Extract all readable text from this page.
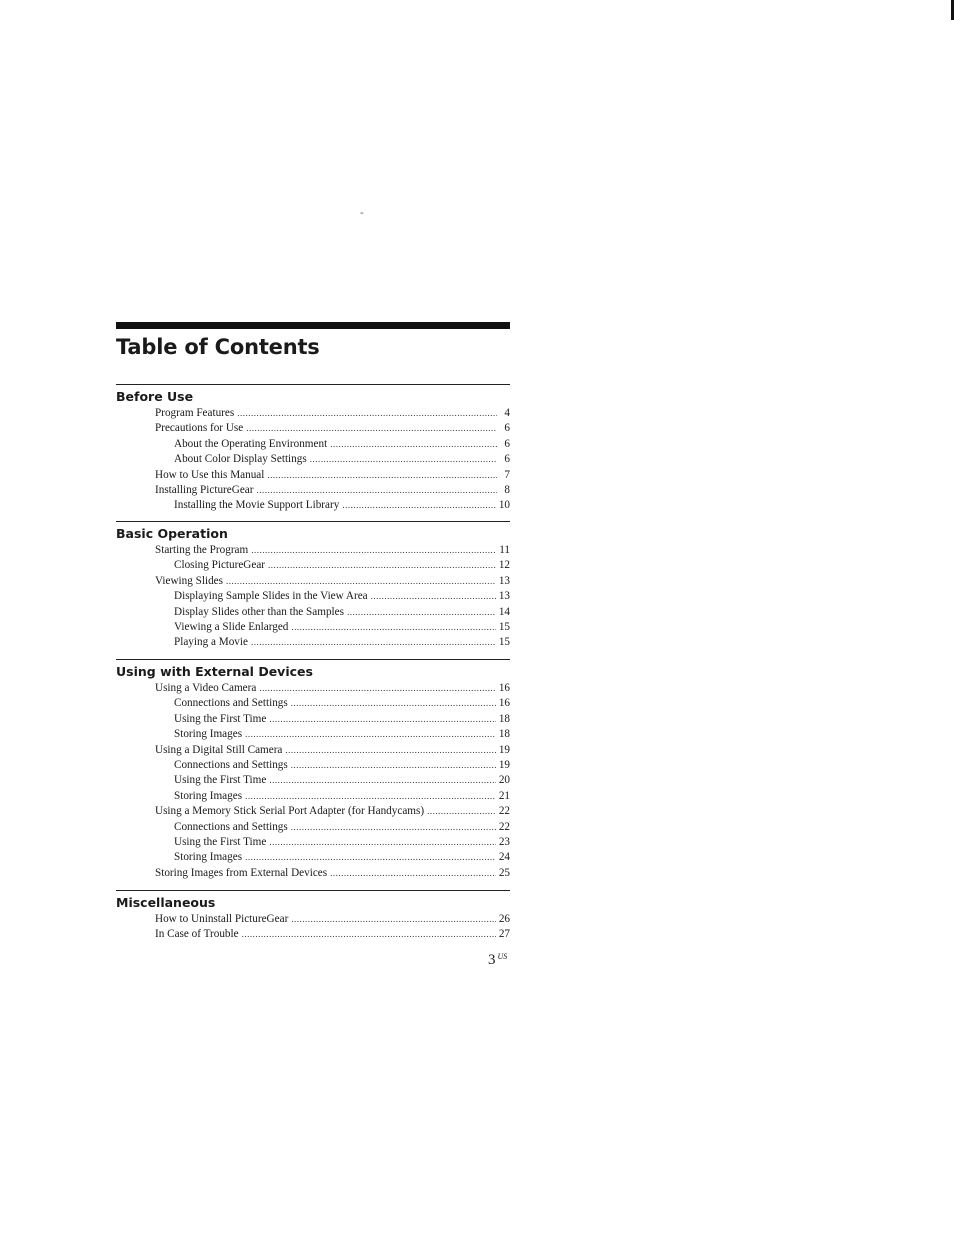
-
Table of Contents
Before Use
Program Features .....	4
Precautions for Use .....	6
About the Operating Environment .....	6
About Color Display Settings .....	6
How to Use this Manual .....	7
Installing PictureGear .....	8
Installing the Movie Support Library .....	10
Basic Operation
Starting the Program .....	11
Closing PictureGear .....	12
Viewing Slides .....	13
Displaying Sample Slides in the View Area .....	13
Display Slides other than the Samples .....	14
Viewing a Slide Enlarged .....	15
Playing a Movie .....	15
Using with External Devices
Using a Video Camera .....	16
Connections and Settings .....	16
Using the First Time .....	18
Storing Images .....	18
Using a Digital Still Camera .....	19
Connections and Settings .....	19
Using the First Time .....	20
Storing Images .....	21
Using a Memory Stick Serial Port Adapter (for Handycams) .....	22
Connections and Settings .....	22
Using the First Time .....	23
Storing Images .....	24
Storing Images from External Devices .....	25
Miscellaneous
How to Uninstall PictureGear .....	26
In Case of Trouble .....	27
3 $^{US}$
